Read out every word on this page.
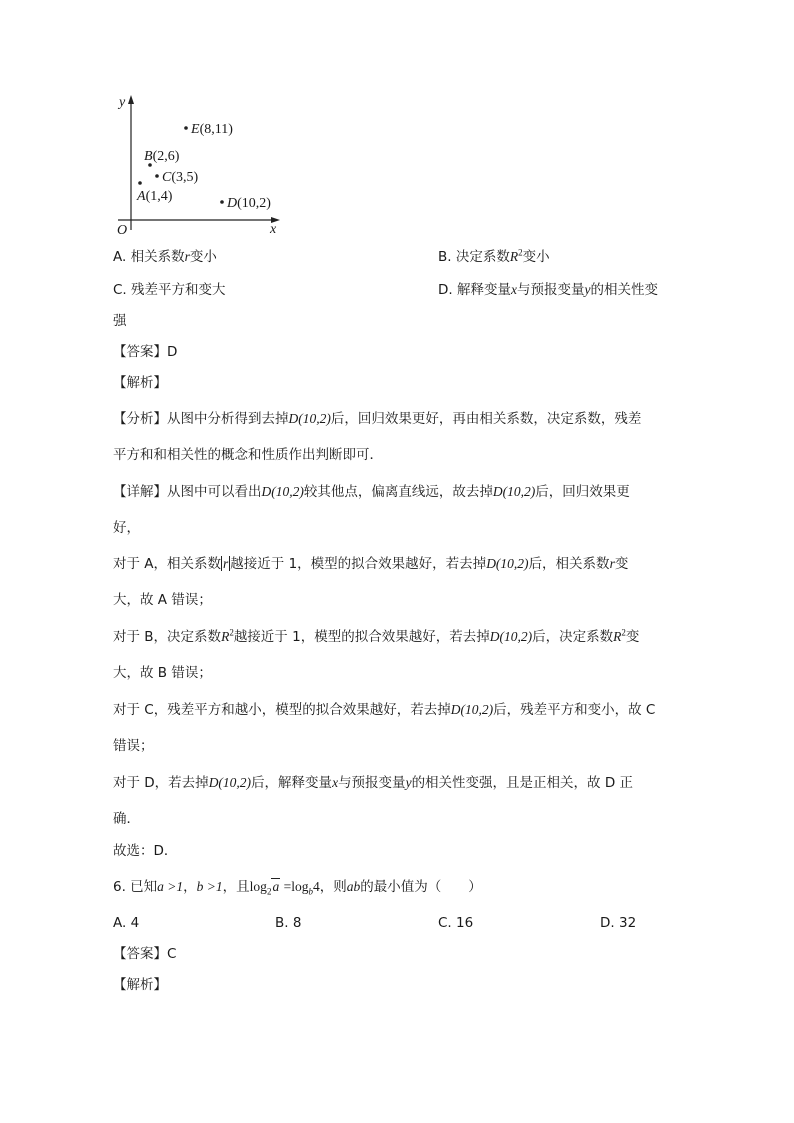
y
x
O
A(1,4)
B(2,6)
C(3,5)
D(10,2)
E(8,11)
A. 相关系数r变小	B. 决定系数$R^2$变小
C. 残差平方和变大	D. 解释变量x与预报变量y的相关性变
强
【答案】D
【解析】
【分析】从图中分析得到去掉D(10,2)后，回归效果更好，再由相关系数，决定系数，残差
平方和和相关性的概念和性质作出判断即可．
【详解】从图中可以看出D(10,2)较其他点，偏离直线远，故去掉D(10,2)后，回归效果更
好，
对于 A，相关系数 r 越接近于 1，模型的拟合效果越好，若去掉D(10,2)后，相关系数r变
大，故 A 错误；
对于 B，决定系数$R^2$越接近于 1，模型的拟合效果越好，若去掉D(10,2)后，决定系数$R^2$变
大，故 B 错误；
对于 C，残差平方和越小，模型的拟合效果越好，若去掉D(10,2)后，残差平方和变小，故 C
错误；
对于 D，若去掉D(10,2)后，解释变量x与预报变量y的相关性变强，且是正相关，故 D 正
确．
故选：D．
6. 已知a >1，b >1，且$\log_2a =\log_b4$，则ab的最小值为（　　）
A. 4	B. 8	C. 16	D. 32
【答案】C
【解析】
